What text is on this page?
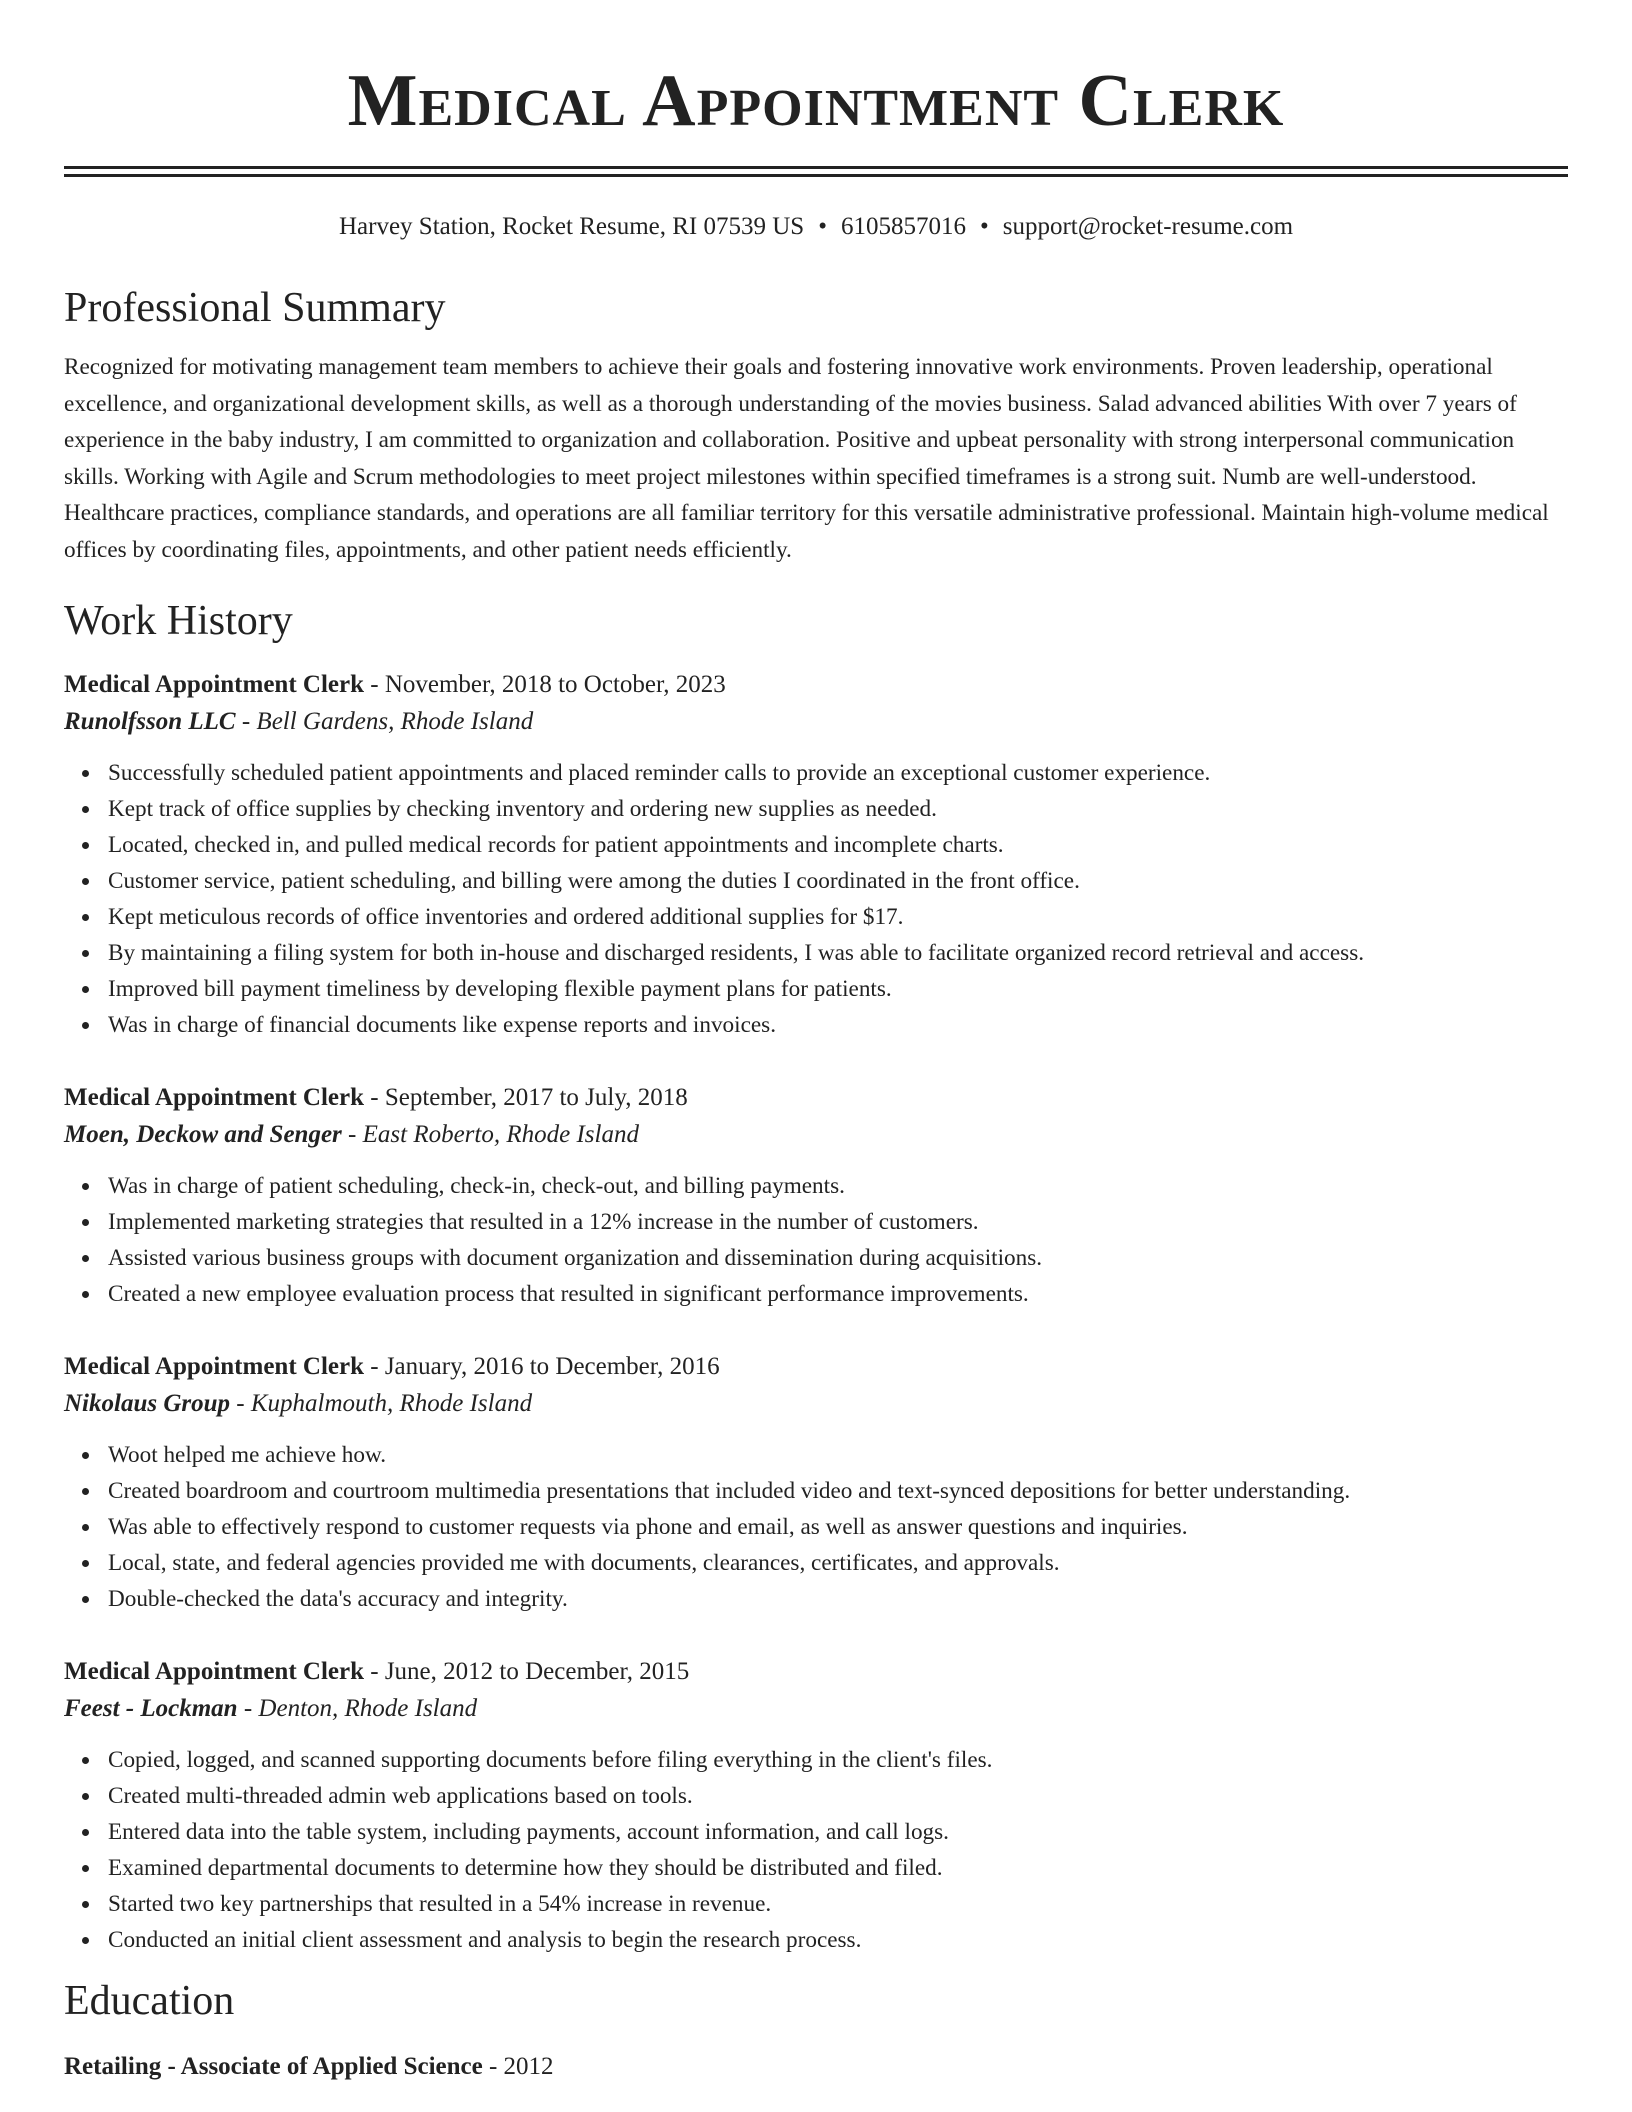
Medical Appointment Clerk
Harvey Station, Rocket Resume, RI 07539 US • 6105857016 • support@rocket-resume.com
Professional Summary

Recognized for motivating management team members to achieve their goals and fostering innovative work environments. Proven leadership, operational excellence, and organizational development skills, as well as a thorough understanding of the movies business. Salad advanced abilities With over 7 years of experience in the baby industry, I am committed to organization and collaboration. Positive and upbeat personality with strong interpersonal communication skills. Working with Agile and Scrum methodologies to meet project milestones within specified timeframes is a strong suit. Numb are well-understood. Healthcare practices, compliance standards, and operations are all familiar territory for this versatile administrative professional. Maintain high-volume medical offices by coordinating files, appointments, and other patient needs efficiently.

Work History
Medical Appointment Clerk - November, 2018 to October, 2023
Runolfsson LLC - Bell Gardens, Rhode Island
Successfully scheduled patient appointments and placed reminder calls to provide an exceptional customer experience.
Kept track of office supplies by checking inventory and ordering new supplies as needed.
Located, checked in, and pulled medical records for patient appointments and incomplete charts.
Customer service, patient scheduling, and billing were among the duties I coordinated in the front office.
Kept meticulous records of office inventories and ordered additional supplies for $17.
By maintaining a filing system for both in-house and discharged residents, I was able to facilitate organized record retrieval and access.
Improved bill payment timeliness by developing flexible payment plans for patients.
Was in charge of financial documents like expense reports and invoices.
Medical Appointment Clerk - September, 2017 to July, 2018
Moen, Deckow and Senger - East Roberto, Rhode Island
Was in charge of patient scheduling, check-in, check-out, and billing payments.
Implemented marketing strategies that resulted in a 12% increase in the number of customers.
Assisted various business groups with document organization and dissemination during acquisitions.
Created a new employee evaluation process that resulted in significant performance improvements.
Medical Appointment Clerk - January, 2016 to December, 2016
Nikolaus Group - Kuphalmouth, Rhode Island
Woot helped me achieve how.
Created boardroom and courtroom multimedia presentations that included video and text-synced depositions for better understanding.
Was able to effectively respond to customer requests via phone and email, as well as answer questions and inquiries.
Local, state, and federal agencies provided me with documents, clearances, certificates, and approvals.
Double-checked the data's accuracy and integrity.
Medical Appointment Clerk - June, 2012 to December, 2015
Feest - Lockman - Denton, Rhode Island
Copied, logged, and scanned supporting documents before filing everything in the client's files.
Created multi-threaded admin web applications based on tools.
Entered data into the table system, including payments, account information, and call logs.
Examined departmental documents to determine how they should be distributed and filed.
Started two key partnerships that resulted in a 54% increase in revenue.
Conducted an initial client assessment and analysis to begin the research process.
Education
Retailing - Associate of Applied Science - 2012
